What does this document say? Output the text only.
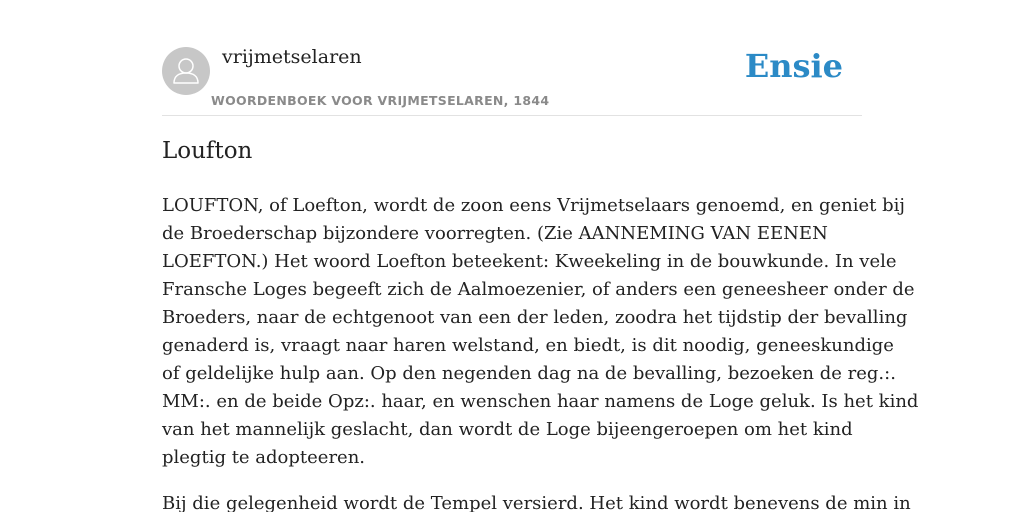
vrijmetselaren
WOORDENBOEK VOOR VRIJMETSELAREN, 1844
Ensie
Loufton
LOUFTON, of Loefton, wordt de zoon eens Vrijmetselaars genoemd, en geniet bij
de Broederschap bijzondere voorregten. (Zie AANNEMING VAN EENEN
LOEFTON.) Het woord Loefton beteekent: Kweekeling in de bouwkunde. In vele
Fransche Loges begeeft zich de Aalmoezenier, of anders een geneesheer onder de
Broeders, naar de echtgenoot van een der leden, zoodra het tijdstip der bevalling
genaderd is, vraagt naar haren welstand, en biedt, is dit noodig, geneeskundige
of geldelijke hulp aan. Op den negenden dag na de bevalling, bezoeken de reg.:.
MM:. en de beide Opz:. haar, en wenschen haar namens de Loge geluk. Is het kind
van het mannelijk geslacht, dan wordt de Loge bijeengeroepen om het kind
plegtig te adopteeren.
Bij die gelegenheid wordt de Tempel versierd. Het kind wordt benevens de min in
